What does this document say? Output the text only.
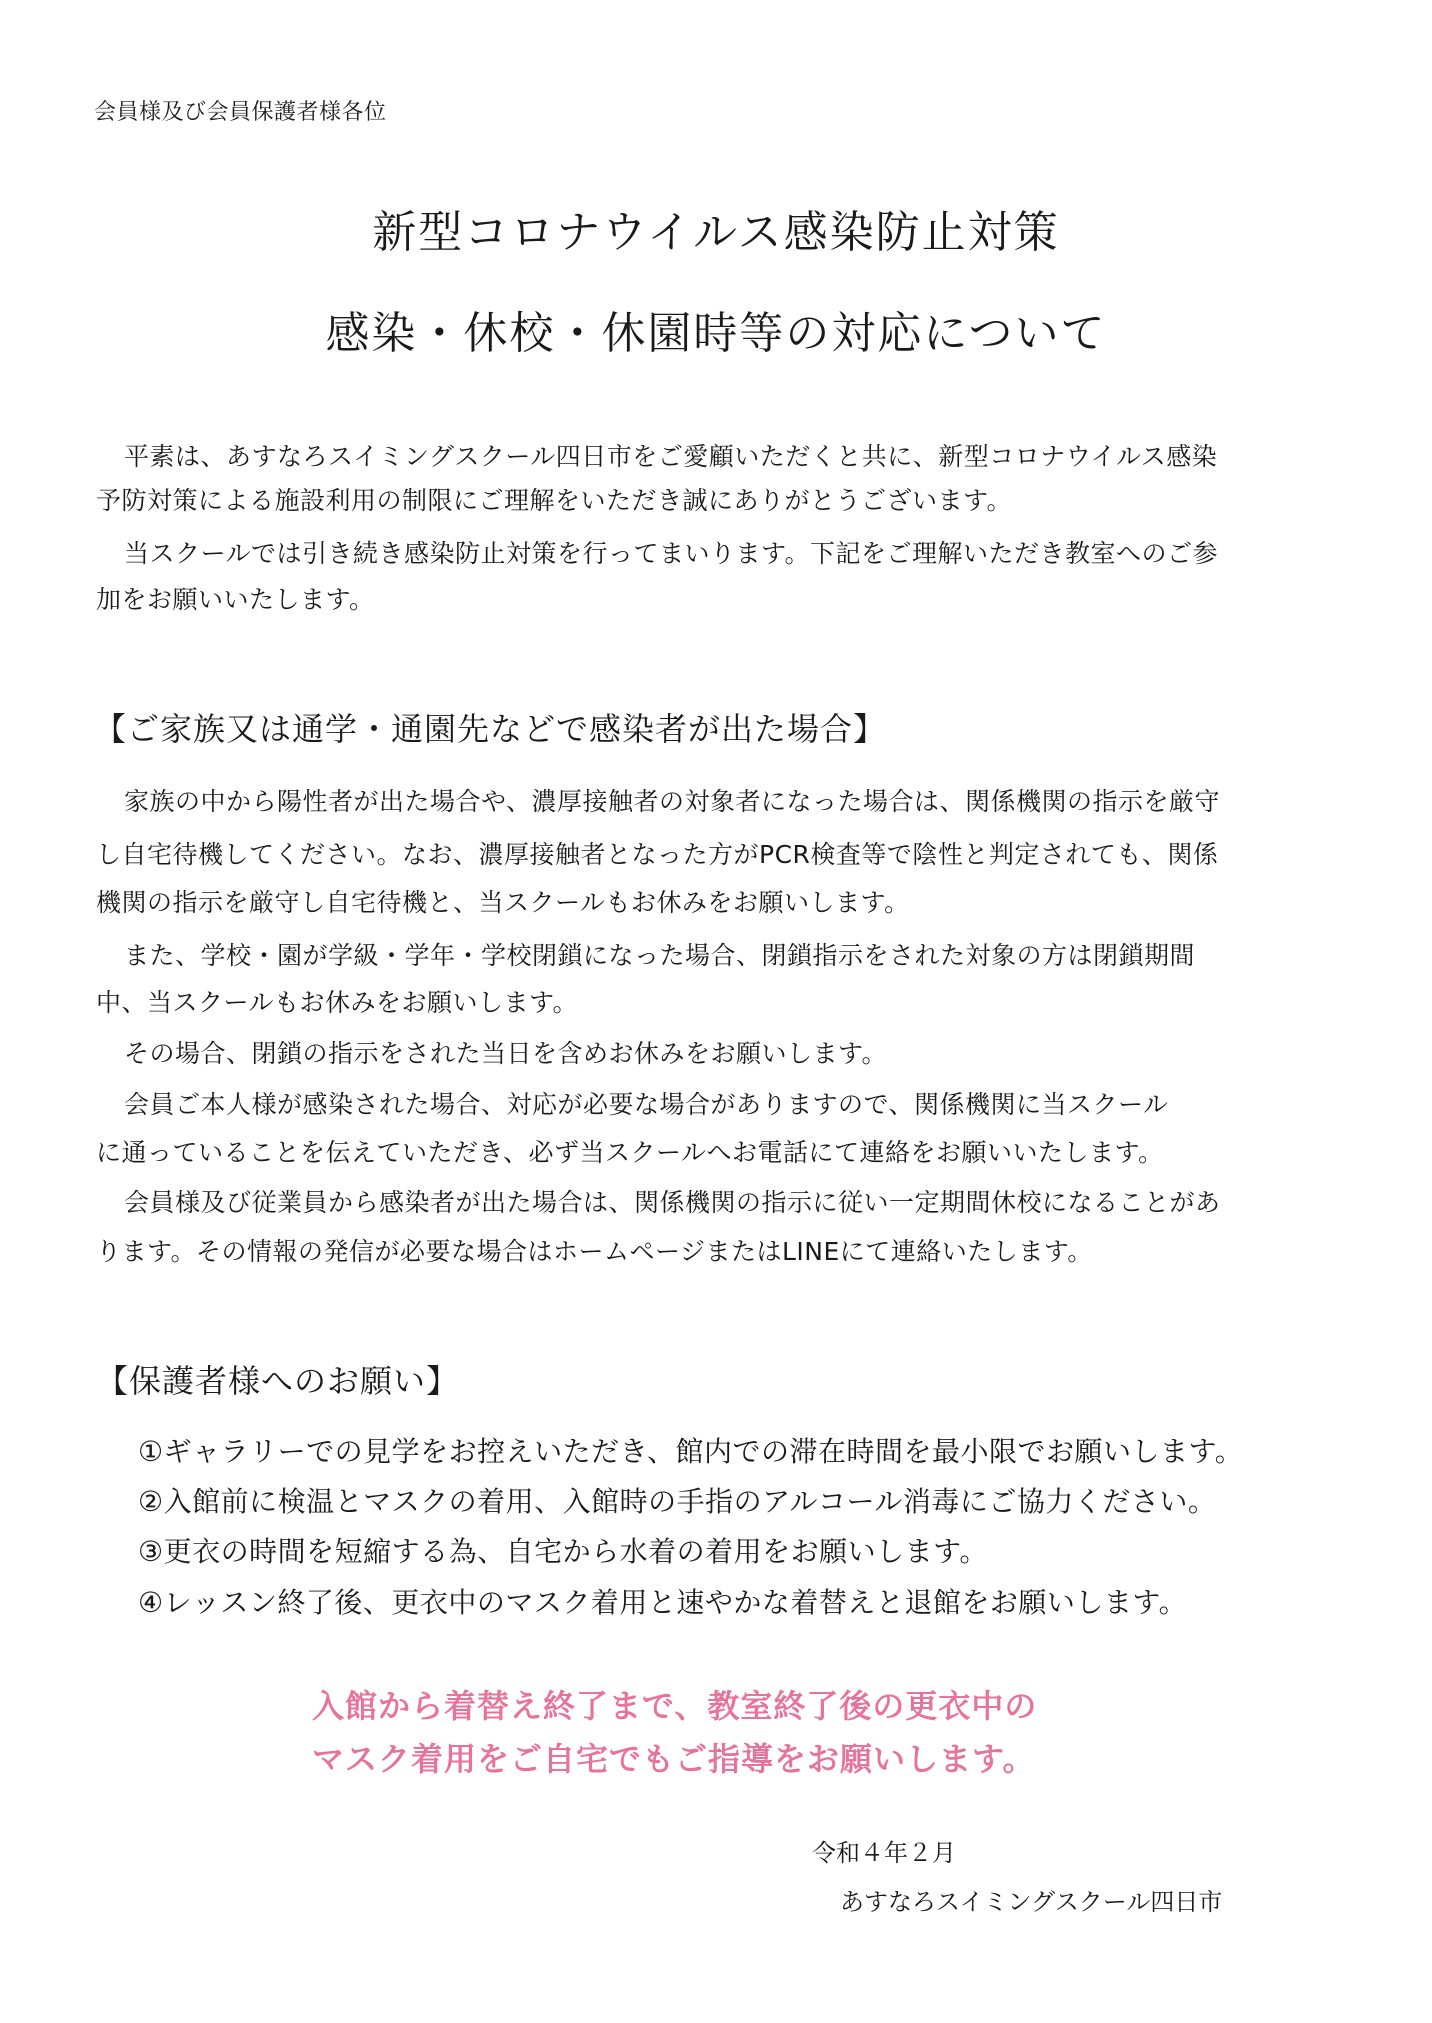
会員様及び会員保護者様各位
新型コロナウイルス感染防止対策
感染・休校・休園時等の対応について
平素は、あすなろスイミングスクール四日市をご愛顧いただくと共に、新型コロナウイルス感染
予防対策による施設利用の制限にご理解をいただき誠にありがとうございます。
当スクールでは引き続き感染防止対策を行ってまいります。下記をご理解いただき教室へのご参
加をお願いいたします。
【ご家族又は通学・通園先などで感染者が出た場合】
家族の中から陽性者が出た場合や、濃厚接触者の対象者になった場合は、関係機関の指示を厳守
し自宅待機してください。なお、濃厚接触者となった方がPCR検査等で陰性と判定されても、関係
機関の指示を厳守し自宅待機と、当スクールもお休みをお願いします。
また、学校・園が学級・学年・学校閉鎖になった場合、閉鎖指示をされた対象の方は閉鎖期間
中、当スクールもお休みをお願いします。
その場合、閉鎖の指示をされた当日を含めお休みをお願いします。
会員ご本人様が感染された場合、対応が必要な場合がありますので、関係機関に当スクール
に通っていることを伝えていただき、必ず当スクールへお電話にて連絡をお願いいたします。
会員様及び従業員から感染者が出た場合は、関係機関の指示に従い一定期間休校になることがあ
ります。その情報の発信が必要な場合はホームページまたはLINEにて連絡いたします。
【保護者様へのお願い】
①ギャラリーでの見学をお控えいただき、館内での滞在時間を最小限でお願いします。
②入館前に検温とマスクの着用、入館時の手指のアルコール消毒にご協力ください。
③更衣の時間を短縮する為、自宅から水着の着用をお願いします。
④レッスン終了後、更衣中のマスク着用と速やかな着替えと退館をお願いします。
入館から着替え終了まで、教室終了後の更衣中の
マスク着用をご自宅でもご指導をお願いします。
令和４年２月
あすなろスイミングスクール四日市
